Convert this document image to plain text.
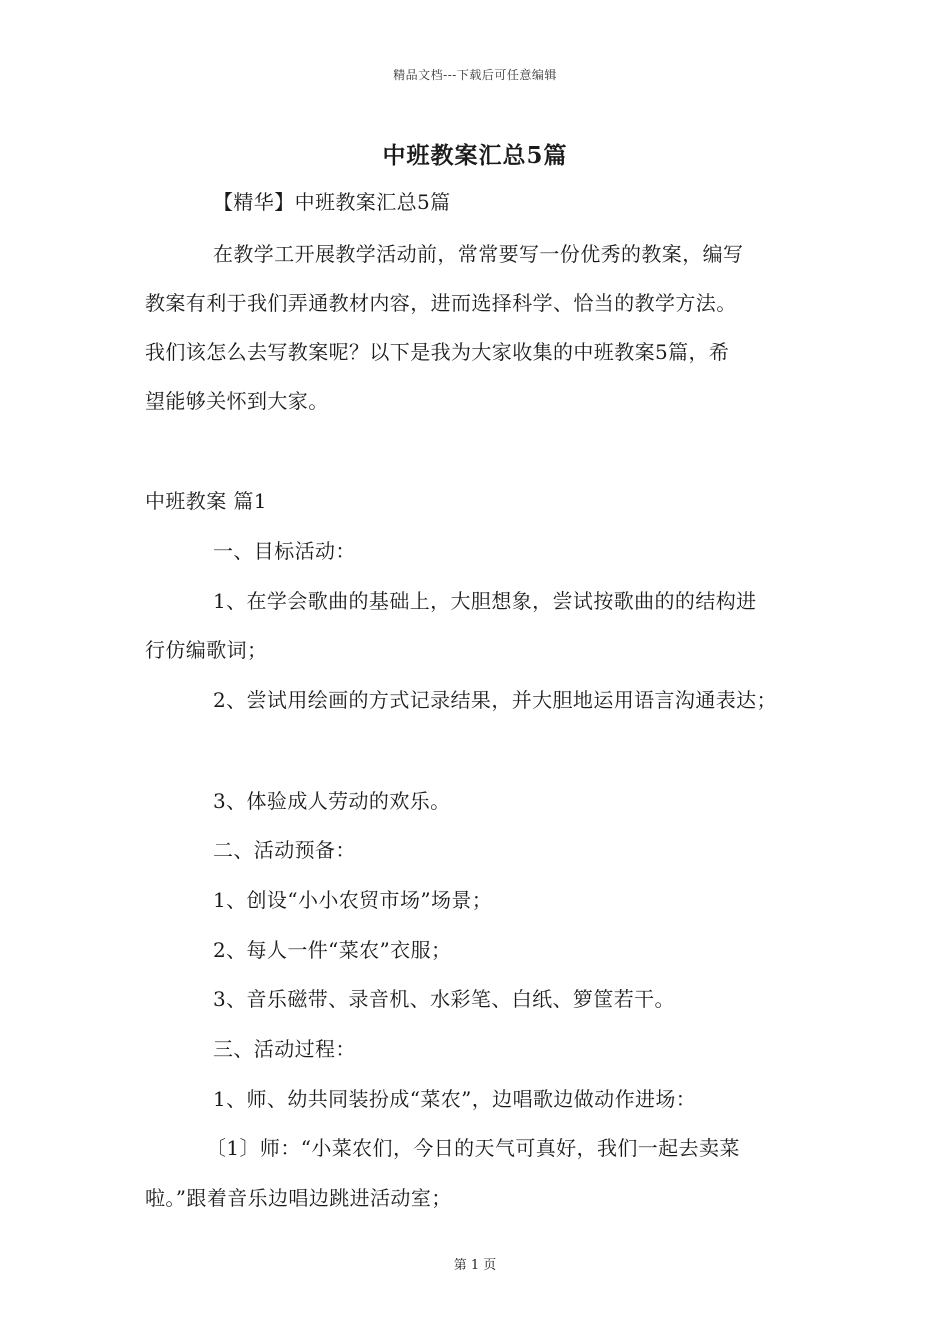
精品文档---下载后可任意编辑
中班教案汇总5篇
【精华】中班教案汇总5篇
在教学工开展教学活动前，常常要写一份优秀的教案，编写
教案有利于我们弄通教材内容，进而选择科学、恰当的教学方法。
我们该怎么去写教案呢？以下是我为大家收集的中班教案5篇，希
望能够关怀到大家。
中班教案 篇1
一、目标活动：
1、在学会歌曲的基础上，大胆想象，尝试按歌曲的的结构进
行仿编歌词；
2、尝试用绘画的方式记录结果，并大胆地运用语言沟通表达；
3、体验成人劳动的欢乐。
二、活动预备：
1、创设“小小农贸市场”场景；
2、每人一件“菜农”衣服；
3、音乐磁带、录音机、水彩笔、白纸、箩筐若干。
三、活动过程：
1、师、幼共同装扮成“菜农”，边唱歌边做动作进场：
〔1〕师：“小菜农们，今日的天气可真好，我们一起去卖菜
啦。”跟着音乐边唱边跳进活动室；
第 1 页
